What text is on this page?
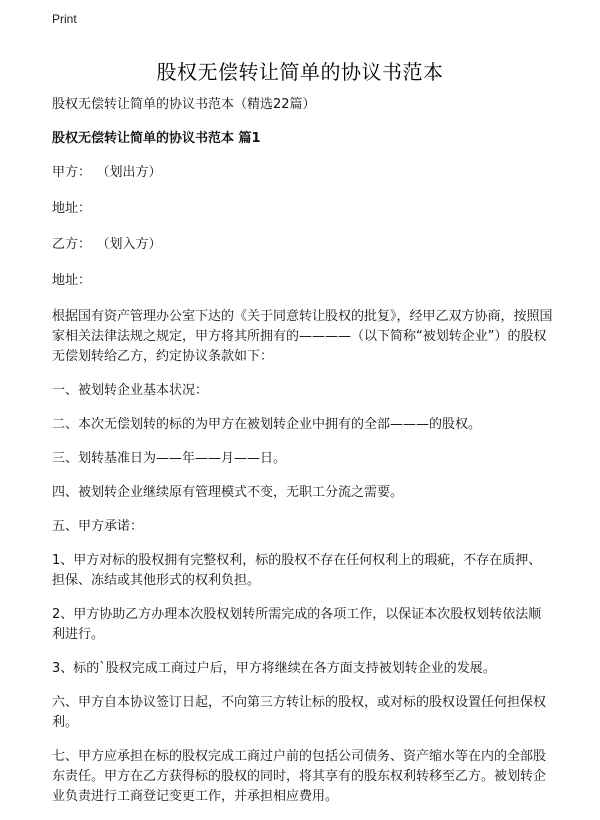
Print
股权无偿转让简单的协议书范本

股权无偿转让简单的协议书范本（精选22篇）

股权无偿转让简单的协议书范本 篇1

甲方： （划出方）

地址：

乙方： （划入方）

地址：

根据国有资产管理办公室下达的《关于同意转让股权的批复》，经甲乙双方协商，按照国家相关法律法规之规定，甲方将其所拥有的————（以下简称“被划转企业”）的股权无偿划转给乙方，约定协议条款如下：

一、被划转企业基本状况：

二、本次无偿划转的标的为甲方在被划转企业中拥有的全部———的股权。

三、划转基准日为——年——月——日。

四、被划转企业继续原有管理模式不变，无职工分流之需要。

五、甲方承诺：

1、甲方对标的股权拥有完整权利，标的股权不存在任何权利上的瑕疵，不存在质押、担保、冻结或其他形式的权利负担。

2、甲方协助乙方办理本次股权划转所需完成的各项工作，以保证本次股权划转依法顺利进行。

3、标的`股权完成工商过户后，甲方将继续在各方面支持被划转企业的发展。

六、甲方自本协议签订日起，不向第三方转让标的股权，或对标的股权设置任何担保权利。

七、甲方应承担在标的股权完成工商过户前的包括公司债务、资产缩水等在内的全部股东责任。甲方在乙方获得标的股权的同时，将其享有的股东权利转移至乙方。被划转企业负责进行工商登记变更工作，并承担相应费用。
